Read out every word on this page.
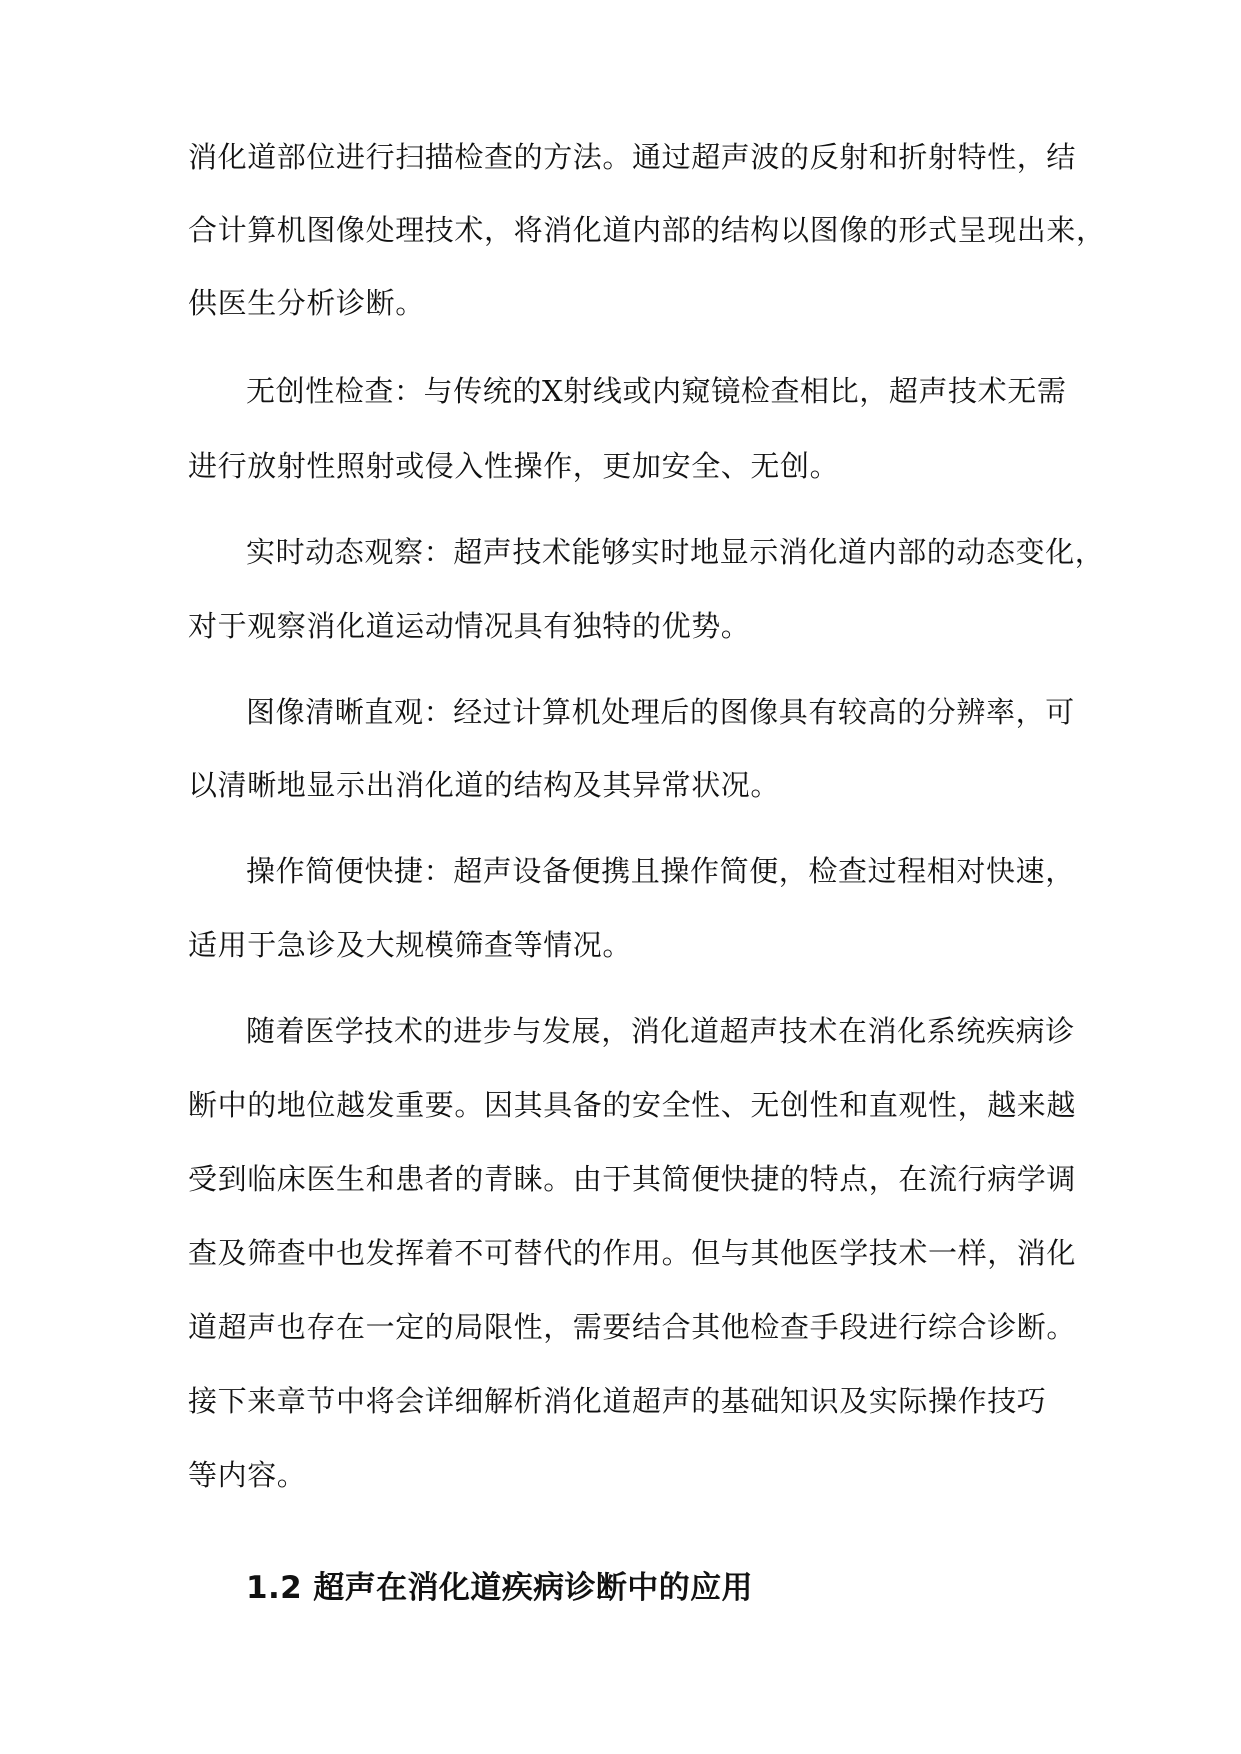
消化道部位进行扫描检查的方法。通过超声波的反射和折射特性，结
合计算机图像处理技术，将消化道内部的结构以图像的形式呈现出来，
供医生分析诊断。
无创性检查：与传统的X射线或内窥镜检查相比，超声技术无需
进行放射性照射或侵入性操作，更加安全、无创。
实时动态观察：超声技术能够实时地显示消化道内部的动态变化，
对于观察消化道运动情况具有独特的优势。
图像清晰直观：经过计算机处理后的图像具有较高的分辨率，可
以清晰地显示出消化道的结构及其异常状况。
操作简便快捷：超声设备便携且操作简便，检查过程相对快速，
适用于急诊及大规模筛查等情况。
随着医学技术的进步与发展，消化道超声技术在消化系统疾病诊
断中的地位越发重要。因其具备的安全性、无创性和直观性，越来越
受到临床医生和患者的青睐。由于其简便快捷的特点，在流行病学调
查及筛查中也发挥着不可替代的作用。但与其他医学技术一样，消化
道超声也存在一定的局限性，需要结合其他检查手段进行综合诊断。
接下来章节中将会详细解析消化道超声的基础知识及实际操作技巧
等内容。
1.2 超声在消化道疾病诊断中的应用
